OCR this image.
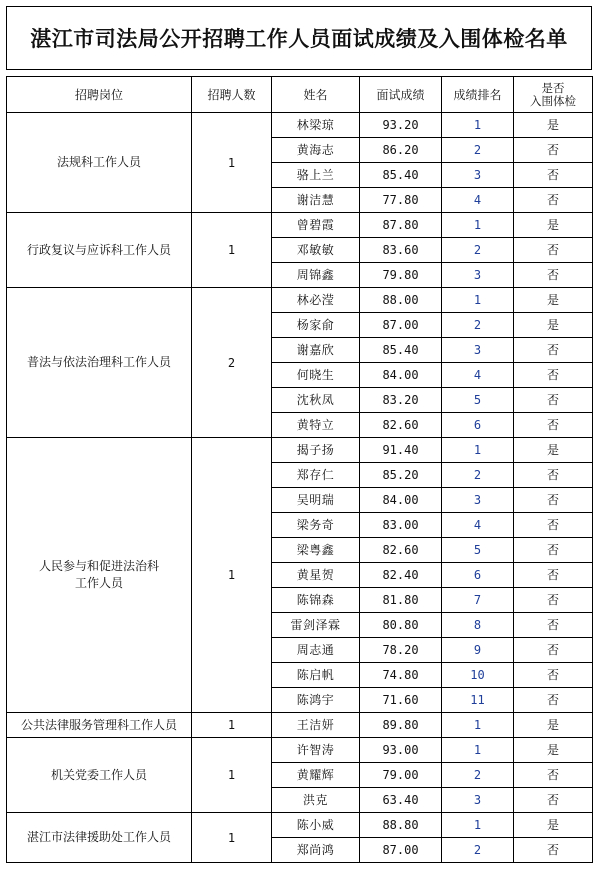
湛江市司法局公开招聘工作人员面试成绩及入围体检名单
招聘岗位	招聘人数	姓名	面试成绩	成绩排名	是否
入围体检

法规科工作人员	1	林梁琼	93.20	1	是
		黄海志	86.20	2	否
		骆上兰	85.40	3	否
		谢洁慧	77.80	4	否

行政复议与应诉科工作人员	1	曾碧霞	87.80	1	是
		邓敏敏	83.60	2	否
		周锦鑫	79.80	3	否

普法与依法治理科工作人员	2	林必滢	88.00	1	是
		杨家俞	87.00	2	是
		谢嘉欣	85.40	3	否
		何晓生	84.00	4	否
		沈秋凤	83.20	5	否
		黄特立	82.60	6	否

人民参与和促进法治科
工作人员	1	揭子扬	91.40	1	是
		郑存仁	85.20	2	否
		吴明瑞	84.00	3	否
		梁务奇	83.00	4	否
		梁粤鑫	82.60	5	否
		黄星贺	82.40	6	否
		陈锦森	81.80	7	否
		雷剑泽霖	80.80	8	否
		周志通	78.20	9	否
		陈启帆	74.80	10	否
		陈鸿宇	71.60	11	否

公共法律服务管理科工作人员	1	王洁妍	89.80	1	是

机关党委工作人员	1	许智涛	93.00	1	是
		黄耀辉	79.00	2	否
		洪克	63.40	3	否

湛江市法律援助处工作人员	1	陈小威	88.80	1	是
		郑尚鸿	87.00	2	否
